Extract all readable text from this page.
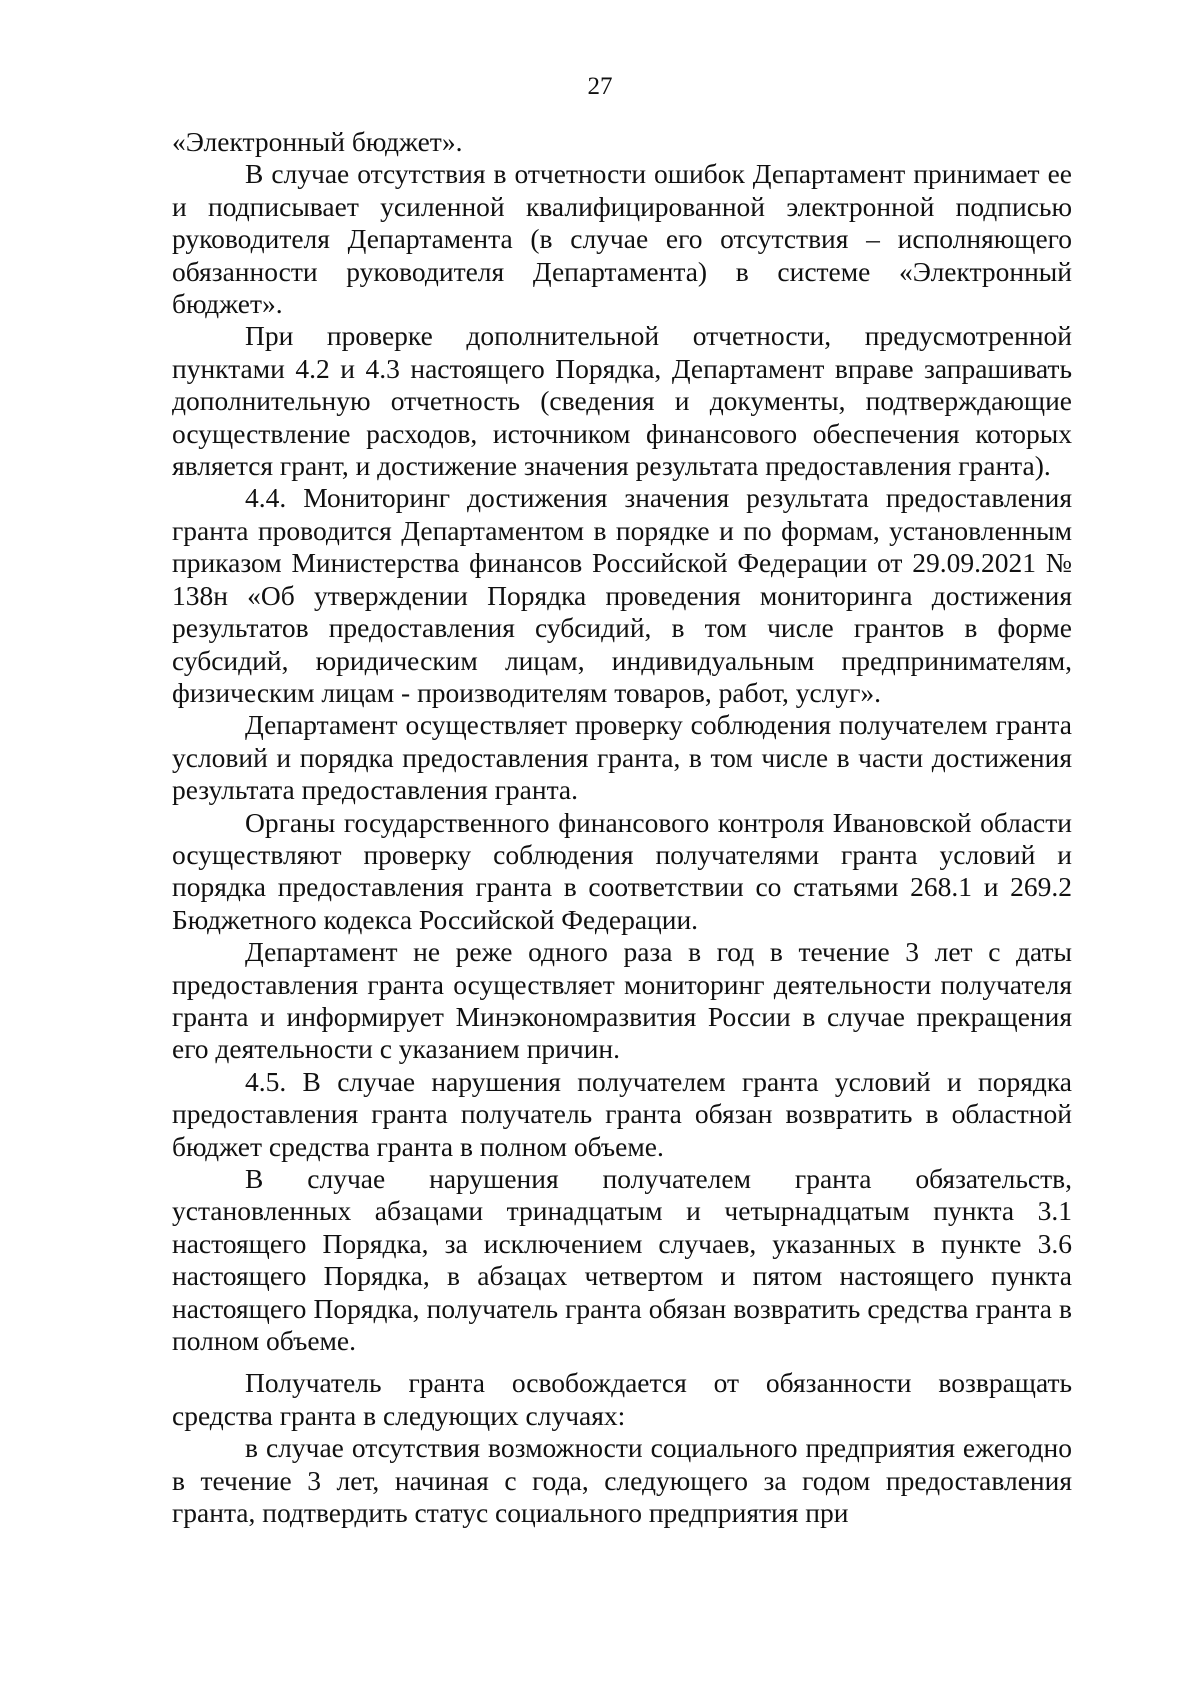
27

«Электронный бюджет».

В случае отсутствия в отчетности ошибок Департамент принимает ее и подписывает усиленной квалифицированной электронной подписью руководителя Департамента (в случае его отсутствия – исполняющего обязанности руководителя Департамента) в системе «Электронный бюджет».

При проверке дополнительной отчетности, предусмотренной пунктами 4.2 и 4.3 настоящего Порядка, Департамент вправе запрашивать дополнительную отчетность (сведения и документы, подтверждающие осуществление расходов, источником финансового обеспечения которых является грант, и достижение значения результата предоставления гранта).

4.4. Мониторинг достижения значения результата предоставления гранта проводится Департаментом в порядке и по формам, установленным приказом Министерства финансов Российской Федерации от 29.09.2021 № 138н «Об утверждении Порядка проведения мониторинга достижения результатов предоставления субсидий, в том числе грантов в форме субсидий, юридическим лицам, индивидуальным предпринимателям, физическим лицам - производителям товаров, работ, услуг».

Департамент осуществляет проверку соблюдения получателем гранта условий и порядка предоставления гранта, в том числе в части достижения результата предоставления гранта.

Органы государственного финансового контроля Ивановской области осуществляют проверку соблюдения получателями гранта условий и порядка предоставления гранта в соответствии со статьями 268.1 и 269.2 Бюджетного кодекса Российской Федерации.

Департамент не реже одного раза в год в течение 3 лет с даты предоставления гранта осуществляет мониторинг деятельности получателя гранта и информирует Минэкономразвития России в случае прекращения его деятельности с указанием причин.

4.5. В случае нарушения получателем гранта условий и порядка предоставления гранта получатель гранта обязан возвратить в областной бюджет средства гранта в полном объеме.

В случае нарушения получателем гранта обязательств, установленных абзацами тринадцатым и четырнадцатым пункта 3.1 настоящего Порядка, за исключением случаев, указанных в пункте 3.6 настоящего Порядка, в абзацах четвертом и пятом настоящего пункта настоящего Порядка, получатель гранта обязан возвратить средства гранта в полном объеме.

Получатель гранта освобождается от обязанности возвращать средства гранта в следующих случаях:

в случае отсутствия возможности социального предприятия ежегодно в течение 3 лет, начиная с года, следующего за годом предоставления гранта, подтвердить статус социального предприятия при
